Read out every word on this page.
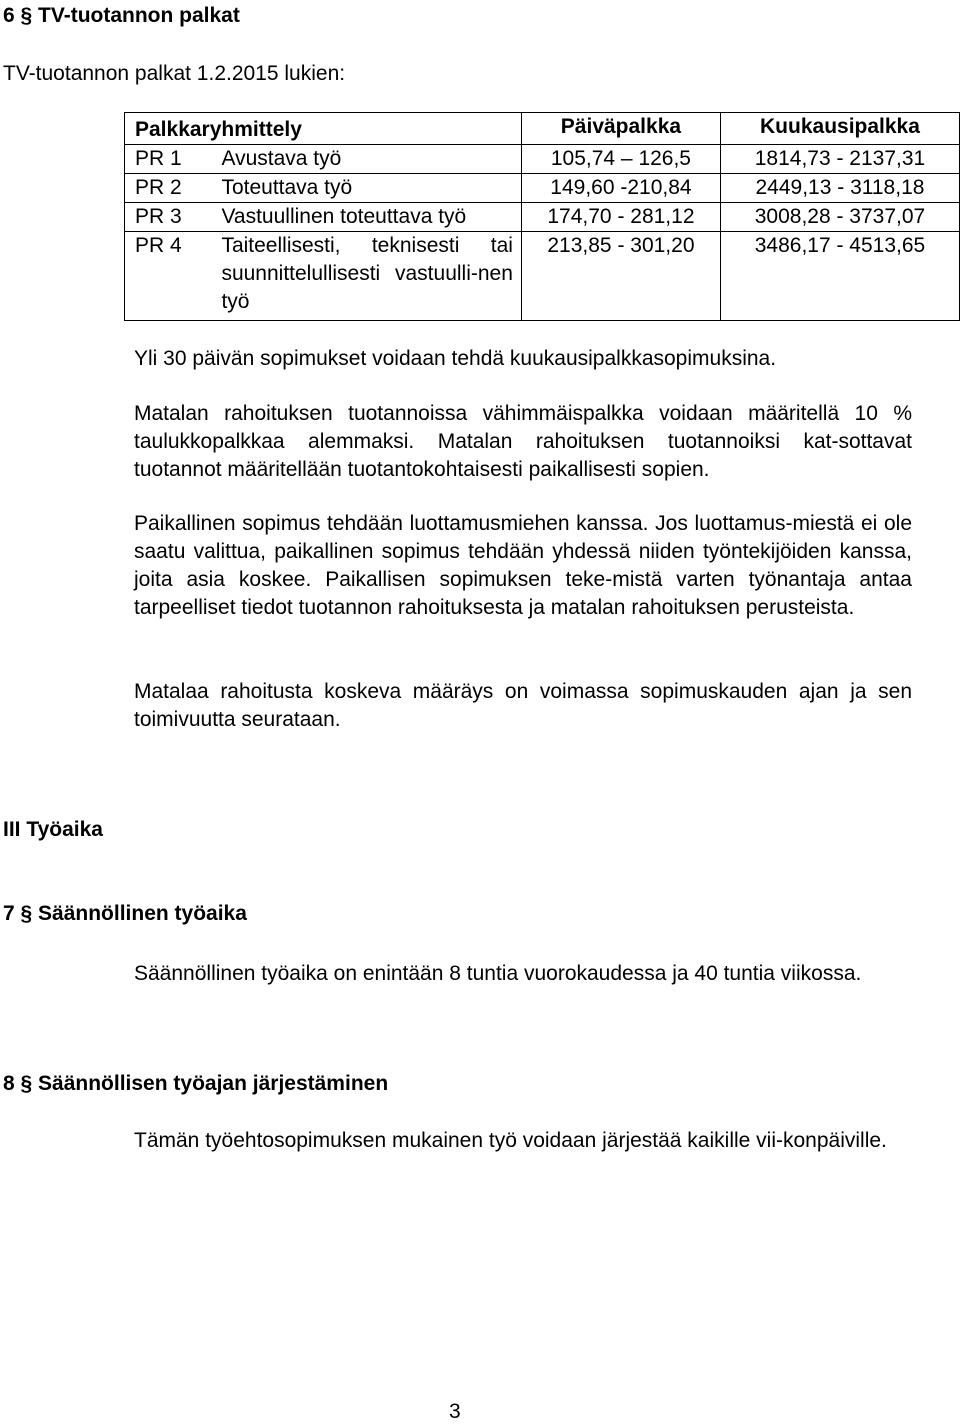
6 § TV-tuotannon palkat
TV-tuotannon palkat 1.2.2015 lukien:
Palkkaryhmittely		Päiväpalkka	Kuukausipalkka
PR 1	Avustava työ	105,74 – 126,5	1814,73 - 2137,31
PR 2	Toteuttava työ	149,60 -210,84	2449,13 - 3118,18
PR 3	Vastuullinen toteuttava työ	174,70 - 281,12	3008,28 - 3737,07
PR 4	Taiteellisesti, teknisesti tai suunnittelullisesti vastuulli-nen työ	213,85 - 301,20	3486,17 - 4513,65

Yli 30 päivän sopimukset voidaan tehdä kuukausipalkkasopimuksina.

Matalan rahoituksen tuotannoissa vähimmäispalkka voidaan määritellä 10 % taulukkopalkkaa alemmaksi. Matalan rahoituksen tuotannoiksi kat-sottavat tuotannot määritellään tuotantokohtaisesti paikallisesti sopien.

Paikallinen sopimus tehdään luottamusmiehen kanssa. Jos luottamus-miestä ei ole saatu valittua, paikallinen sopimus tehdään yhdessä niiden työntekijöiden kanssa, joita asia koskee. Paikallisen sopimuksen teke-mistä varten työnantaja antaa tarpeelliset tiedot tuotannon rahoituksesta ja matalan rahoituksen perusteista.

Matalaa rahoitusta koskeva määräys on voimassa sopimuskauden ajan ja sen toimivuutta seurataan.

III Työaika
7 § Säännöllinen työaika

Säännöllinen työaika on enintään 8 tuntia vuorokaudessa ja 40 tuntia viikossa.

8 § Säännöllisen työajan järjestäminen

Tämän työehtosopimuksen mukainen työ voidaan järjestää kaikille vii-konpäiville.

3
